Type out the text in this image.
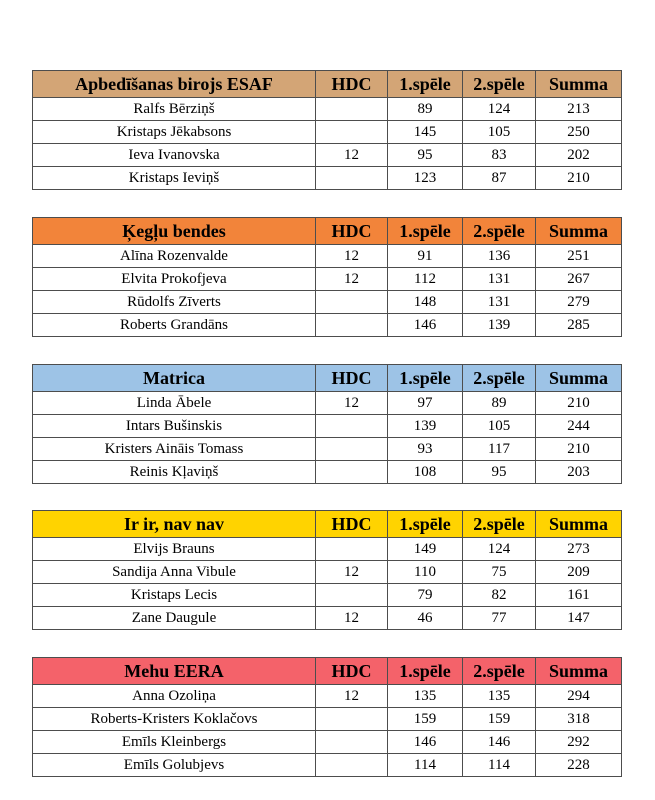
Apbedīšanas birojs ESAF	HDC	1.spēle	2.spēle	Summa
Ralfs Bērziņš		89	124	213
Kristaps Jēkabsons		145	105	250
Ieva Ivanovska	12	95	83	202
Kristaps Ieviņš		123	87	210
Ķegļu bendes	HDC	1.spēle	2.spēle	Summa
Alīna Rozenvalde	12	91	136	251
Elvita Prokofjeva	12	112	131	267
Rūdolfs Zīverts		148	131	279
Roberts Grandāns		146	139	285
Matrica	HDC	1.spēle	2.spēle	Summa
Linda Ābele	12	97	89	210
Intars Bušinskis		139	105	244
Kristers Aināis Tomass		93	117	210
Reinis Kļaviņš		108	95	203
Ir ir, nav nav	HDC	1.spēle	2.spēle	Summa
Elvijs Brauns		149	124	273
Sandija Anna Vibule	12	110	75	209
Kristaps Lecis		79	82	161
Zane Daugule	12	46	77	147
Mehu EERA	HDC	1.spēle	2.spēle	Summa
Anna Ozoliņa	12	135	135	294
Roberts-Kristers Koklačovs		159	159	318
Emīls Kleinbergs		146	146	292
Emīls Golubjevs		114	114	228
